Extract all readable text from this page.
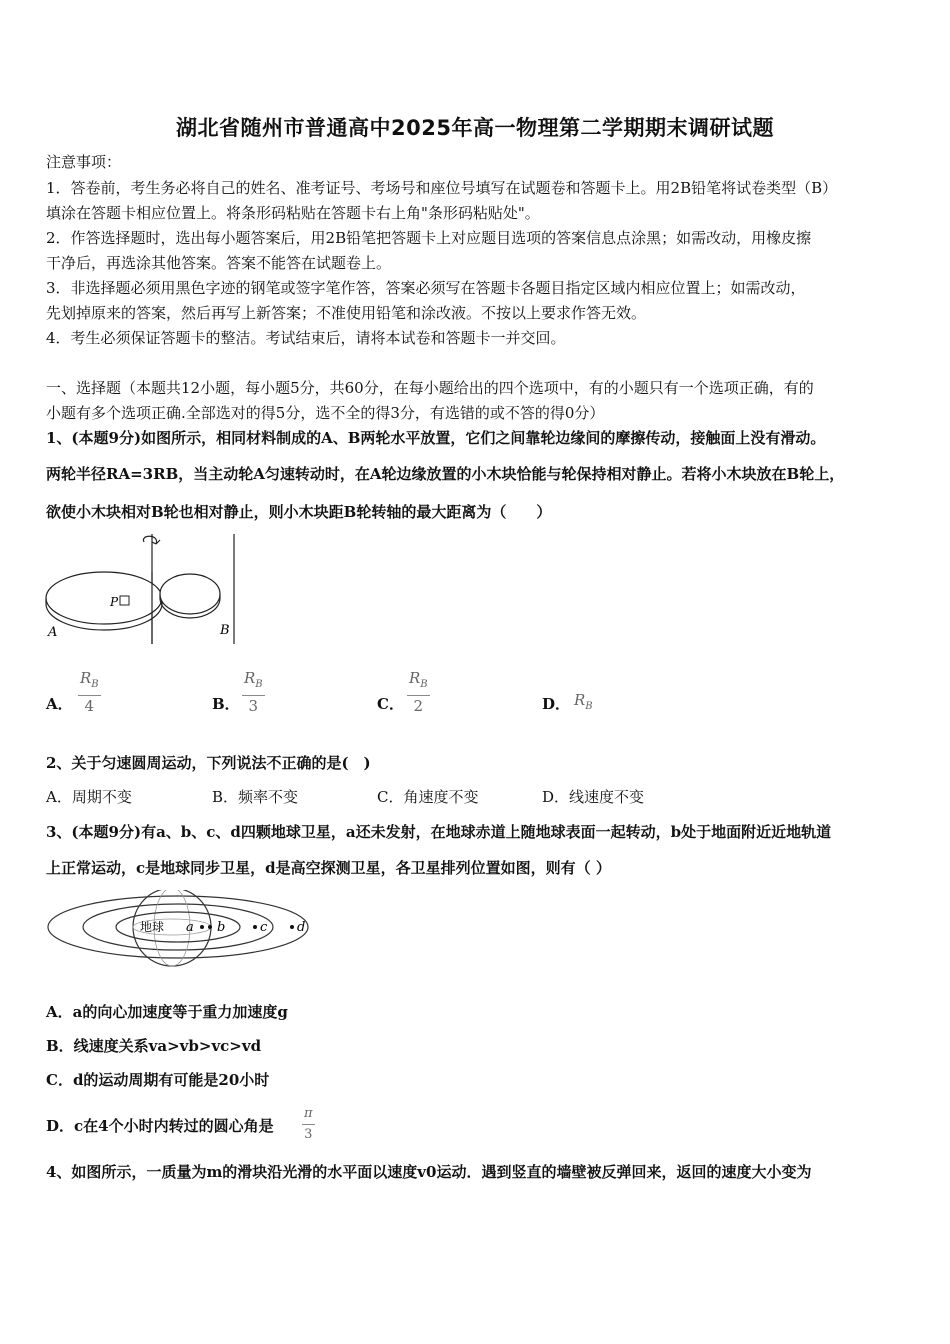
湖北省随州市普通高中2025年高一物理第二学期期末调研试题
注意事项：
1．答卷前，考生务必将自己的姓名、准考证号、考场号和座位号填写在试题卷和答题卡上。用2B铅笔将试卷类型（B）
填涂在答题卡相应位置上。将条形码粘贴在答题卡右上角"条形码粘贴处"。
2．作答选择题时，选出每小题答案后，用2B铅笔把答题卡上对应题目选项的答案信息点涂黑；如需改动，用橡皮擦
干净后，再选涂其他答案。答案不能答在试题卷上。
3．非选择题必须用黑色字迹的钢笔或签字笔作答，答案必须写在答题卡各题目指定区域内相应位置上；如需改动，
先划掉原来的答案，然后再写上新答案；不准使用铅笔和涂改液。不按以上要求作答无效。
4．考生必须保证答题卡的整洁。考试结束后，请将本试卷和答题卡一并交回。
一、选择题（本题共12小题，每小题5分，共60分，在每小题给出的四个选项中，有的小题只有一个选项正确，有的
小题有多个选项正确.全部选对的得5分，选不全的得3分，有选错的或不答的得0分）
1、(本题9分)如图所示，相同材料制成的A、B两轮水平放置，它们之间靠轮边缘间的摩擦传动，接触面上没有滑动。
两轮半径RA=3RB，当主动轮A匀速转动时，在A轮边缘放置的小木块恰能与轮保持相对静止。若将小木块放在B轮上，
欲使小木块相对B轮也相对静止，则小木块距B轮转轴的最大距离为（　　）
A	B
P
A． $\frac{R_B}{4}$	B． $\frac{R_B}{3}$	C． $\frac{R_B}{2}$	D． $R_B$
2、关于匀速圆周运动，下列说法不正确的是(　)
A．周期不变	B．频率不变	C．角速度不变	D．线速度不变
3、(本题9分)有a、b、c、d四颗地球卫星，a还未发射，在地球赤道上随地球表面一起转动，b处于地面附近近地轨道
上正常运动，c是地球同步卫星，d是高空探测卫星，各卫星排列位置如图，则有（ ）
地球 a b	c d
A．a的向心加速度等于重力加速度g
B．线速度关系va>vb>vc>vd
C．d的运动周期有可能是20小时
D．c在4个小时内转过的圆心角是 $\frac{\pi}{3}$
4、如图所示，一质量为m的滑块沿光滑的水平面以速度v0运动．遇到竖直的墙壁被反弹回来，返回的速度大小变为
